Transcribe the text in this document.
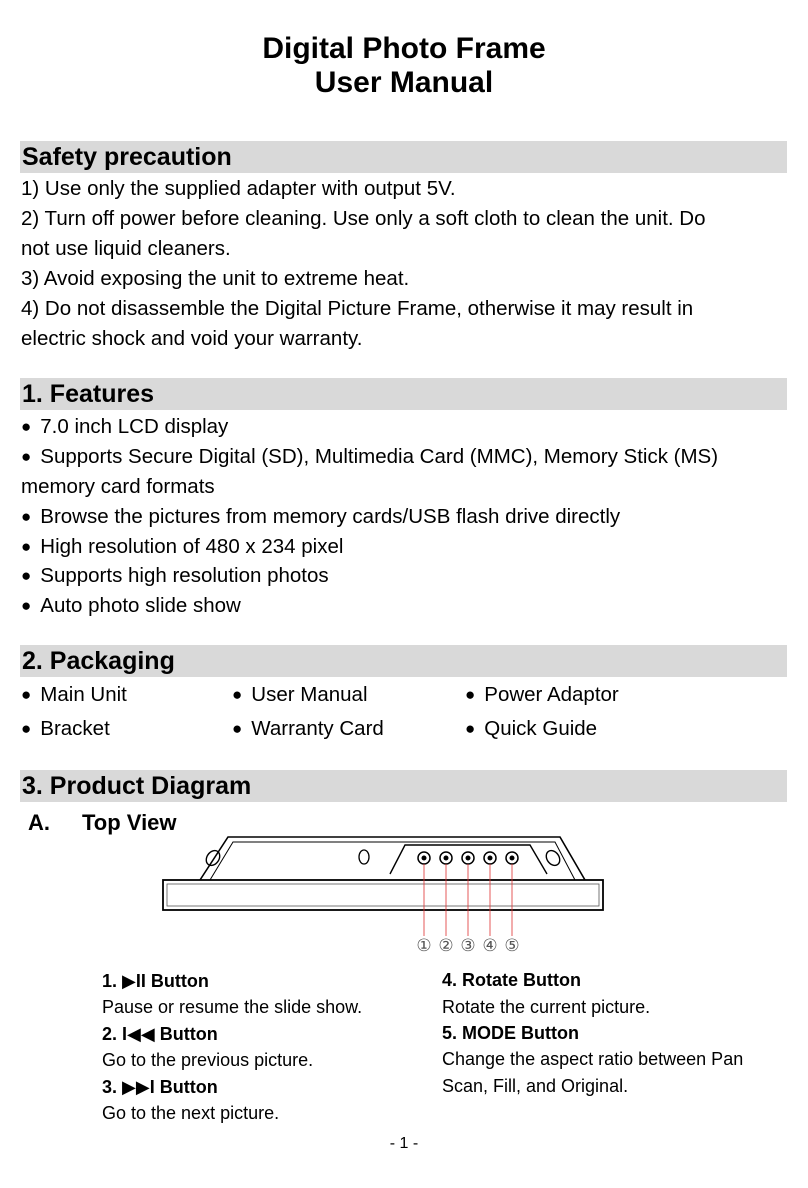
Digital Photo Frame
User Manual
Safety precaution
1) Use only the supplied adapter with output 5V.
2) Turn off power before cleaning. Use only a soft cloth to clean the unit. Do
not use liquid cleaners.
3) Avoid exposing the unit to extreme heat.
4) Do not disassemble the Digital Picture Frame, otherwise it may result in
electric shock and void your warranty.
1. Features
● 7.0 inch LCD display
● Supports Secure Digital (SD), Multimedia Card (MMC), Memory Stick (MS)
memory card formats
● Browse the pictures from memory cards/USB flash drive directly
● High resolution of 480 x 234 pixel
● Supports high resolution photos
● Auto photo slide show
2. Packaging
● Main Unit	● User Manual	● Power Adaptor
● Bracket	● Warranty Card	● Quick Guide
3. Product Diagram
A. Top View
① ② ③ ④ ⑤
1. ▶II Button
Pause or resume the slide show.
2. I◀◀ Button
Go to the previous picture.
3. ▶▶I Button
Go to the next picture.
4. Rotate Button
Rotate the current picture.
5. MODE Button
Change the aspect ratio between Pan
Scan, Fill, and Original.
- 1 -
